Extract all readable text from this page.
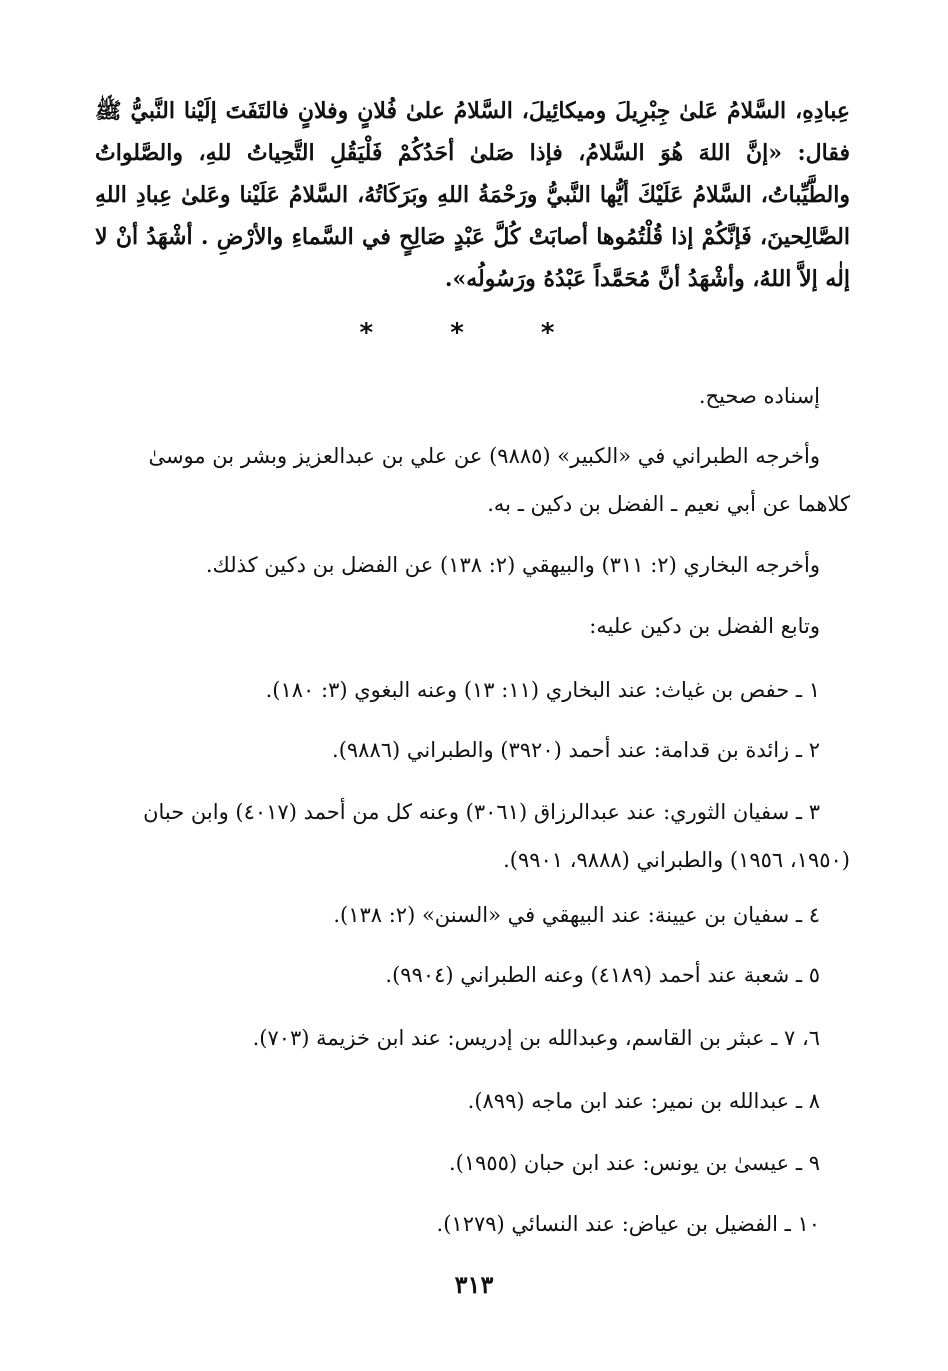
عِبادِهِ، السَّلامُ عَلىٰ جِبْرِيلَ وميكائِيلَ، السَّلامُ علىٰ فُلانٍ وفلانٍ فالتَفَتَ إلَيْنا النَّبيُّ ﷺ فقال: «إنَّ اللهَ هُوَ السَّلامُ، فإذا صَلىٰ أحَدُكُمْ فَلْيَقُلِ التَّحِياتُ للهِ، والصَّلواتُ والطَّيِّباتُ، السَّلامُ عَلَيْكَ أيُّها النَّبيُّ ورَحْمَةُ اللهِ وبَرَكَاتُهُ، السَّلامُ عَلَيْنا وعَلىٰ عِبادِ اللهِ الصَّالِحينَ، فَإنَّكُمْ إذا قُلْتُمُوها أصابَتْ كُلَّ عَبْدٍ صَالِحٍ في السَّماءِ والأرْضِ . أشْهَدُ أنْ لا إلٰه إلاَّ اللهُ، وأشْهَدُ أنَّ مُحَمَّداً عَبْدُهُ ورَسُولُه».

* * *

إسناده صحيح.

وأخرجه الطبراني في «الكبير» (٩٨٨٥) عن علي بن عبدالعزيز وبشر بن موسىٰ كلاهما عن أبي نعيم ـ الفضل بن دكين ـ به.

وأخرجه البخاري (٢: ٣١١) والبيهقي (٢: ١٣٨) عن الفضل بن دكين كذلك.

وتابع الفضل بن دكين عليه:

١ ـ حفص بن غياث: عند البخاري (١١: ١٣) وعنه البغوي (٣: ١٨٠).

٢ ـ زائدة بن قدامة: عند أحمد (٣٩٢٠) والطبراني (٩٨٨٦).

٣ ـ سفيان الثوري: عند عبدالرزاق (٣٠٦١) وعنه كل من أحمد (٤٠١٧) وابن حبان (١٩٥٠، ١٩٥٦) والطبراني (٩٨٨٨، ٩٩٠١).

٤ ـ سفيان بن عيينة: عند البيهقي في «السنن» (٢: ١٣٨).

٥ ـ شعبة عند أحمد (٤١٨٩) وعنه الطبراني (٩٩٠٤).

٦، ٧ ـ عبثر بن القاسم، وعبدالله بن إدريس: عند ابن خزيمة (٧٠٣).

٨ ـ عبدالله بن نمير: عند ابن ماجه (٨٩٩).

٩ ـ عيسىٰ بن يونس: عند ابن حبان (١٩٥٥).

١٠ ـ الفضيل بن عياض: عند النسائي (١٢٧٩).

٣١٣
